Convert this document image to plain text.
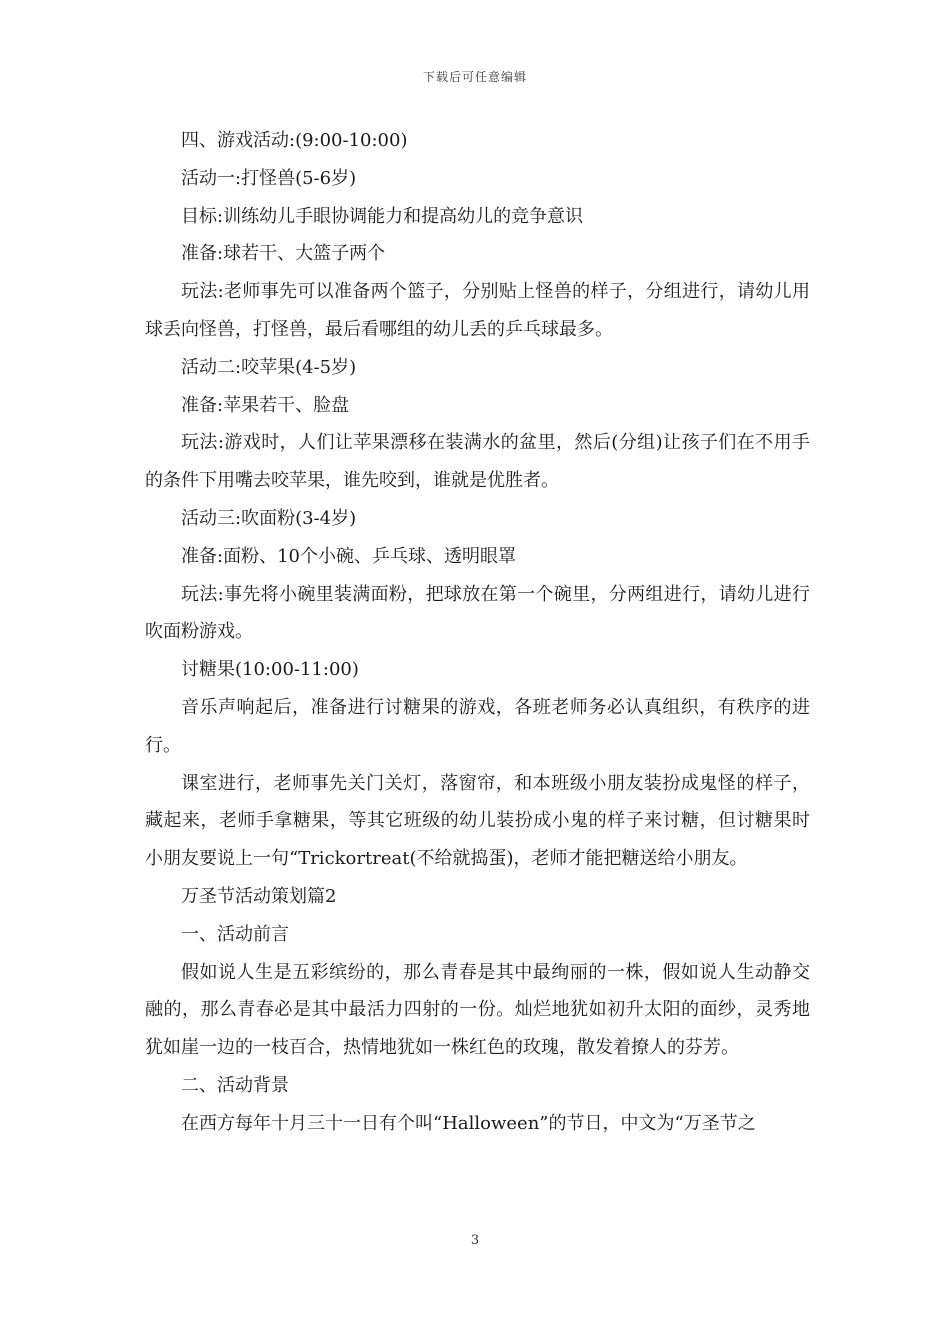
下载后可任意编辑

四、游戏活动:(9:00-10:00)

活动一:打怪兽(5-6岁)

目标:训练幼儿手眼协调能力和提高幼儿的竞争意识

准备:球若干、大篮子两个

玩法:老师事先可以准备两个篮子，分别贴上怪兽的样子，分组进行，请幼儿用球丢向怪兽，打怪兽，最后看哪组的幼儿丢的乒乓球最多。

活动二:咬苹果(4-5岁)

准备:苹果若干、脸盘

玩法:游戏时，人们让苹果漂移在装满水的盆里，然后(分组)让孩子们在不用手的条件下用嘴去咬苹果，谁先咬到，谁就是优胜者。

活动三:吹面粉(3-4岁)

准备:面粉、10个小碗、乒乓球、透明眼罩

玩法:事先将小碗里装满面粉，把球放在第一个碗里，分两组进行，请幼儿进行吹面粉游戏。

讨糖果(10:00-11:00)

音乐声响起后，准备进行讨糖果的游戏，各班老师务必认真组织，有秩序的进行。

课室进行，老师事先关门关灯，落窗帘，和本班级小朋友装扮成鬼怪的样子，藏起来，老师手拿糖果，等其它班级的幼儿装扮成小鬼的样子来讨糖，但讨糖果时小朋友要说上一句“Trickortreat(不给就捣蛋)，老师才能把糖送给小朋友。

万圣节活动策划篇2

一、活动前言

假如说人生是五彩缤纷的，那么青春是其中最绚丽的一株，假如说人生动静交融的，那么青春必是其中最活力四射的一份。灿烂地犹如初升太阳的面纱，灵秀地犹如崖一边的一枝百合，热情地犹如一株红色的玫瑰，散发着撩人的芬芳。

二、活动背景

在西方每年十月三十一日有个叫“Halloween”的节日，中文为“万圣节之

3
